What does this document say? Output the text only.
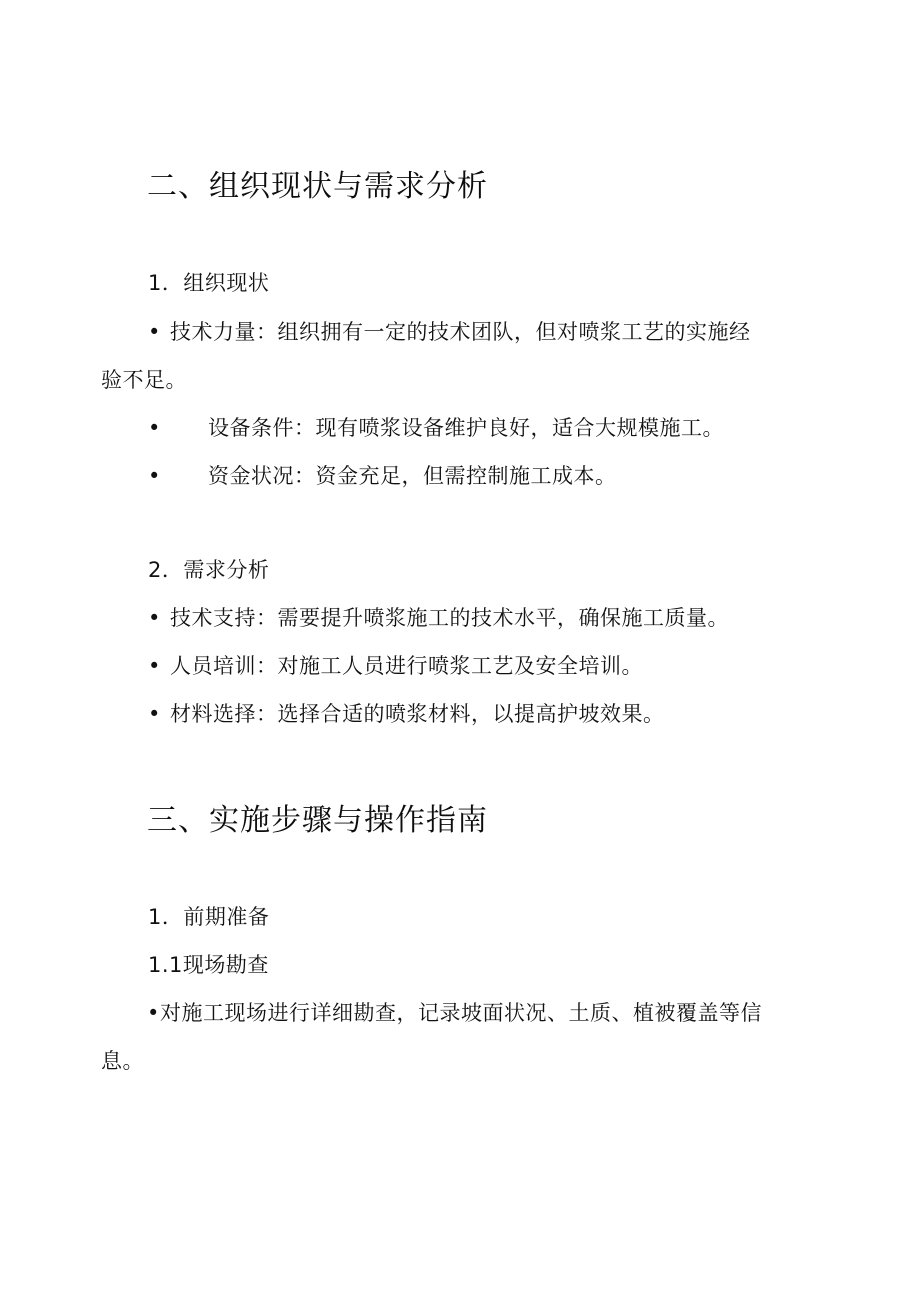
二、组织现状与需求分析
1．组织现状
• 技术力量：组织拥有一定的技术团队，但对喷浆工艺的实施经
验不足。
• 设备条件：现有喷浆设备维护良好，适合大规模施工。
• 资金状况：资金充足，但需控制施工成本。
2．需求分析
• 技术支持：需要提升喷浆施工的技术水平，确保施工质量。
• 人员培训：对施工人员进行喷浆工艺及安全培训。
• 材料选择：选择合适的喷浆材料，以提高护坡效果。
三、实施步骤与操作指南
1．前期准备
1.1现场勘查
• 对施工现场进行详细勘查，记录坡面状况、土质、植被覆盖等信
息。
